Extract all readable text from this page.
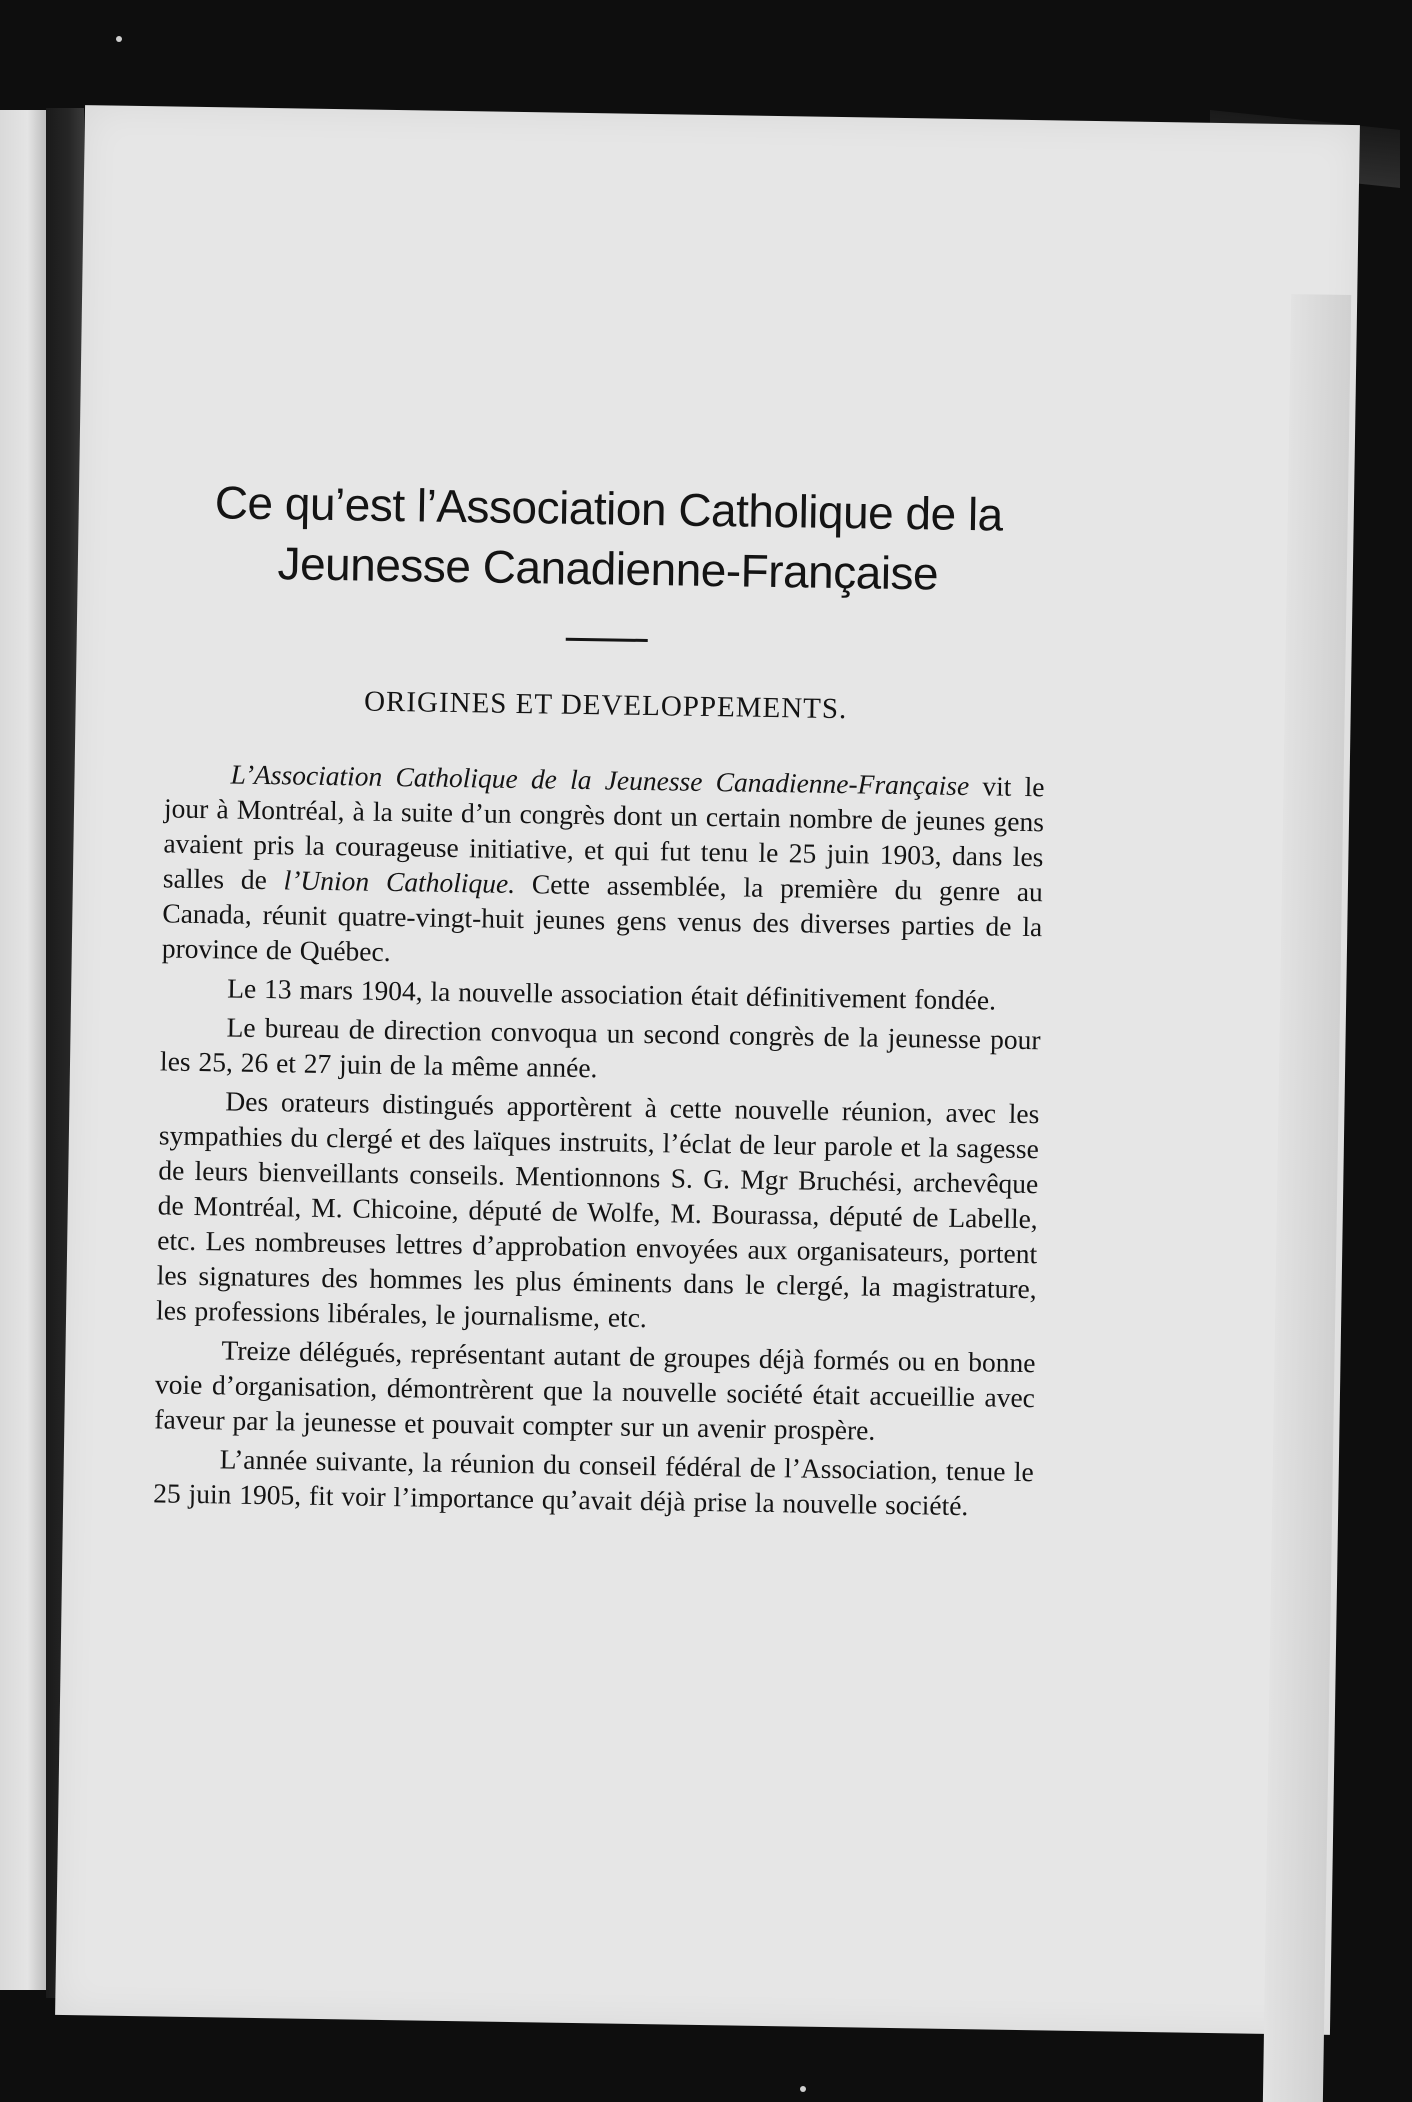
Ce qu’est l’Association Catholique de la Jeunesse Canadienne-Française
ORIGINES ET DEVELOPPEMENTS.

L’Association Catholique de la Jeunesse Canadienne-Française vit le jour à Montréal, à la suite d’un congrès dont un certain nombre de jeunes gens avaient pris la courageuse initiative, et qui fut tenu le 25 juin 1903, dans les salles de l’Union Catholique. Cette assemblée, la première du genre au Canada, réunit quatre-vingt-huit jeunes gens venus des diverses parties de la province de Québec.

Le 13 mars 1904, la nouvelle association était définitivement fondée.

Le bureau de direction convoqua un second congrès de la jeunesse pour les 25, 26 et 27 juin de la même année.

Des orateurs distingués apportèrent à cette nouvelle réunion, avec les sympathies du clergé et des laïques instruits, l’éclat de leur parole et la sagesse de leurs bienveillants conseils. Mentionnons S. G. Mgr Bruchési, archevêque de Montréal, M. Chicoine, député de Wolfe, M. Bourassa, député de Labelle, etc. Les nombreuses lettres d’approbation envoyées aux organisateurs, portent les signatures des hommes les plus éminents dans le clergé, la magistrature, les professions libérales, le journalisme, etc.

Treize délégués, représentant autant de groupes déjà formés ou en bonne voie d’organisation, démontrèrent que la nouvelle société était accueillie avec faveur par la jeunesse et pouvait compter sur un avenir prospère.

L’année suivante, la réunion du conseil fédéral de l’Association, tenue le 25 juin 1905, fit voir l’importance qu’avait déjà prise la nouvelle société.
